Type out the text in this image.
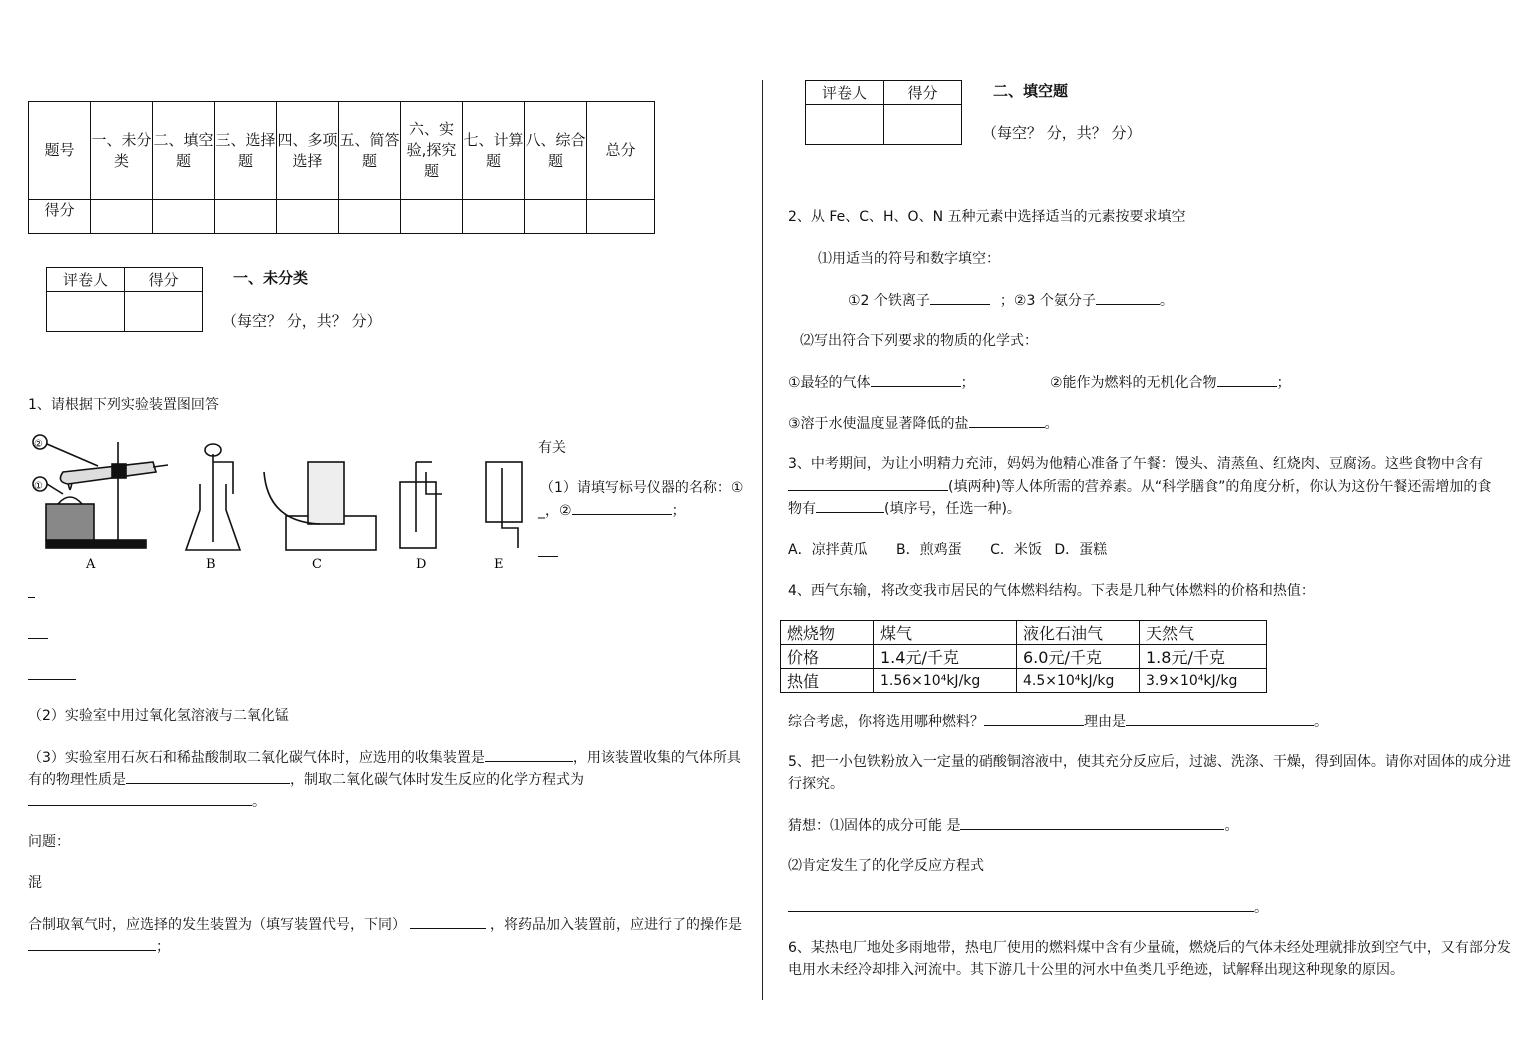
题号	一、未分类	二、填空题	三、选择题	四、多项选择	五、简答题	六、实验,探究题	七、计算题	八、综合题	总分
得分									
评卷人	得分
		一、未分类
（每空？ 分，共？ 分）
1、请根据下列实验装置图回答
A	B	C	D	E
①
②	有关
（1）请填写标号仪器的名称：①
_，②	；
（2）实验室中用过氧化氢溶液与二氧化锰
（3）实验室用石灰石和稀盐酸制取二氧化碳气体时，应选用的收集装置是	，用该装置收集的气体所具
有的物理性质是	，制取二氧化碳气体时发生反应的化学方程式为
。
问题：
混
合制取氧气时，应选择的发生装置为（填写装置代号，下同）	，将药品加入装置前，应进行了的操作是
；
评卷人	得分
		二、填空题
（每空？ 分，共？ 分）
2、从 Fe、C、H、O、N 五种元素中选择适当的元素按要求填空
⑴用适当的符号和数字填空：
①2 个铁离子	；②3 个氨分子	。
⑵写出符合下列要求的物质的化学式：
①最轻的气体	；	②能作为燃料的无机化合物	；
③溶于水使温度显著降低的盐	。
3、中考期间，为让小明精力充沛，妈妈为他精心准备了午餐：馒头、清蒸鱼、红烧肉、豆腐汤。这些食物中含有
(填两种)等人体所需的营养素。从“科学膳食”的角度分析，你认为这份午餐还需增加的食
物有	(填序号，任选一种)。
A．凉拌黄瓜 B．煎鸡蛋 C．米饭 D．蛋糕
4、西气东输，将改变我市居民的气体燃料结构。下表是几种气体燃料的价格和热值：
燃烧物	煤气	液化石油气	天然气
价格	1.4元/千克	6.0元/千克	1.8元/千克
热值	1.56×10⁴kJ/kg	4.5×10⁴kJ/kg	3.9×10⁴kJ/kg
综合考虑，你将选用哪种燃料？	理由是	。
5、把一小包铁粉放入一定量的硝酸铜溶液中，使其充分反应后，过滤、洗涤、干燥，得到固体。请你对固体的成分进
行探究。
猜想：⑴固体的成分可能 是	。
⑵肯定发生了的化学反应方程式
。
6、某热电厂地处多雨地带，热电厂使用的燃料煤中含有少量硫，燃烧后的气体未经处理就排放到空气中，又有部分发
电用水未经冷却排入河流中。其下游几十公里的河水中鱼类几乎绝迹，试解释出现这种现象的原因。
